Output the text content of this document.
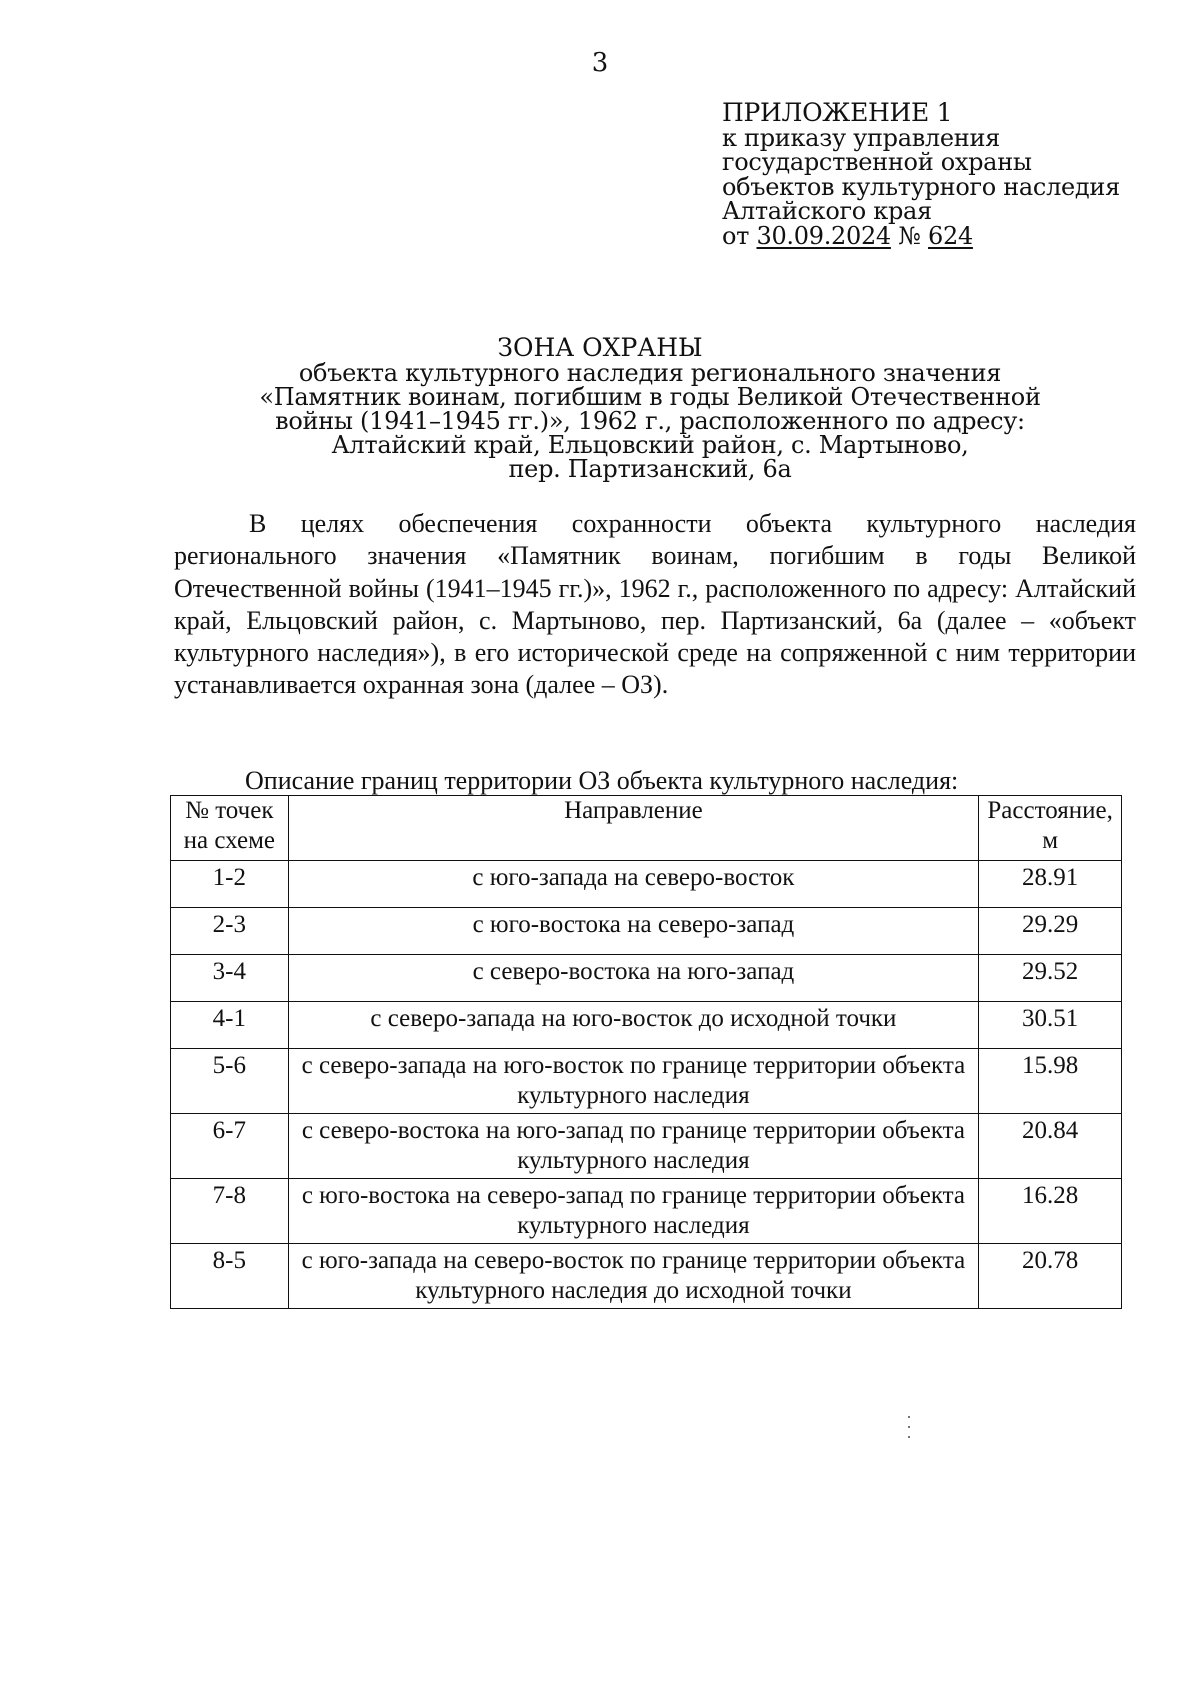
3
ПРИЛОЖЕНИЕ 1
к приказу управления
государственной охраны
объектов культурного наследия
Алтайского края
от 30.09.2024 № 624
ЗОНА ОХРАНЫ
объекта культурного наследия регионального значения
«Памятник воинам, погибшим в годы Великой Отечественной
войны (1941–1945 гг.)», 1962 г., расположенного по адресу:
Алтайский край, Ельцовский район, с. Мартыново,
пер. Партизанский, 6а

В целях обеспечения сохранности объекта культурного наследия регионального значения «Памятник воинам, погибшим в годы Великой Отечественной войны (1941–1945 гг.)», 1962 г., расположенного по адресу: Алтайский край, Ельцовский район, с. Мартыново, пер. Партизанский, 6а (далее – «объект культурного наследия»), в его исторической среде на сопряженной с ним территории устанавливается охранная зона (далее – ОЗ).

Описание границ территории ОЗ объекта культурного наследия:
№ точек на схеме	Направление	Расстояние, м
1-2	с юго-запада на северо-восток	28.91
2-3	с юго-востока на северо-запад	29.29
3-4	с северо-востока на юго-запад	29.52
4-1	с северо-запада на юго-восток до исходной точки	30.51
5-6	с северо-запада на юго-восток по границе территории объекта культурного наследия	15.98
6-7	с северо-востока на юго-запад по границе территории объекта культурного наследия	20.84
7-8	с юго-востока на северо-запад по границе территории объекта культурного наследия	16.28
8-5	с юго-запада на северо-восток по границе территории объекта культурного наследия до исходной точки	20.78
